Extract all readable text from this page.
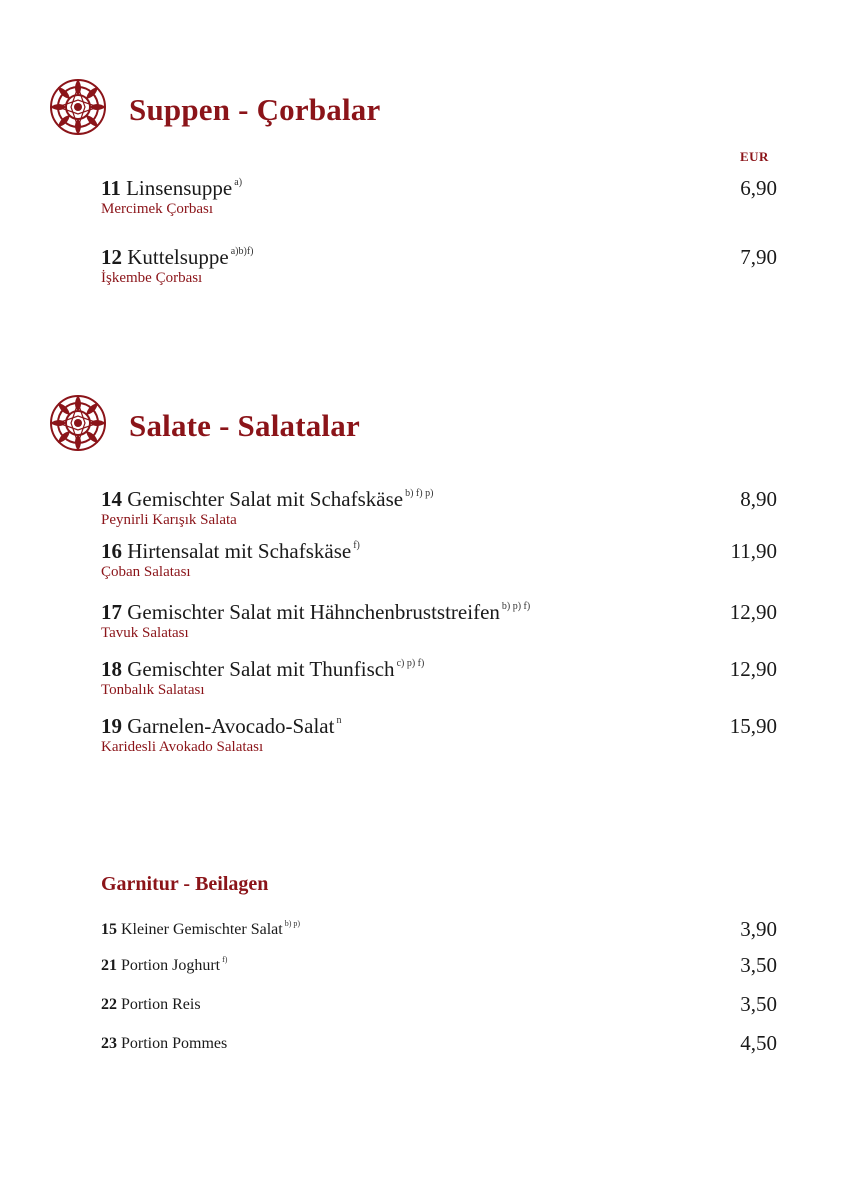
Suppen - Çorbalar
EUR
11 Linsensuppe $^{a)}$
Mercimek Çorbası
6,90
12 Kuttelsuppe $^{a)b)f)}$
İşkembe Çorbası
7,90
Salate - Salatalar
14 Gemischter Salat mit Schafskäse $^{b) f) p)}$
Peynirli Karışık Salata
8,90
16 Hirtensalat mit Schafskäse $^{f)}$
Çoban Salatası
11,90
17 Gemischter Salat mit Hähnchenbruststreifen $^{b) p) f)}$
Tavuk Salatası
12,90
18 Gemischter Salat mit Thunfisch $^{c) p) f)}$
Tonbalık Salatası
12,90
19 Garnelen-Avocado-Salat $^n$
Karidesli Avokado Salatası
15,90
Garnitur - Beilagen
15 Kleiner Gemischter Salat $^{b) p)}$	3,90
21 Portion Joghurt $^{f)}$	3,50
22 Portion Reis	3,50
23 Portion Pommes	4,50
